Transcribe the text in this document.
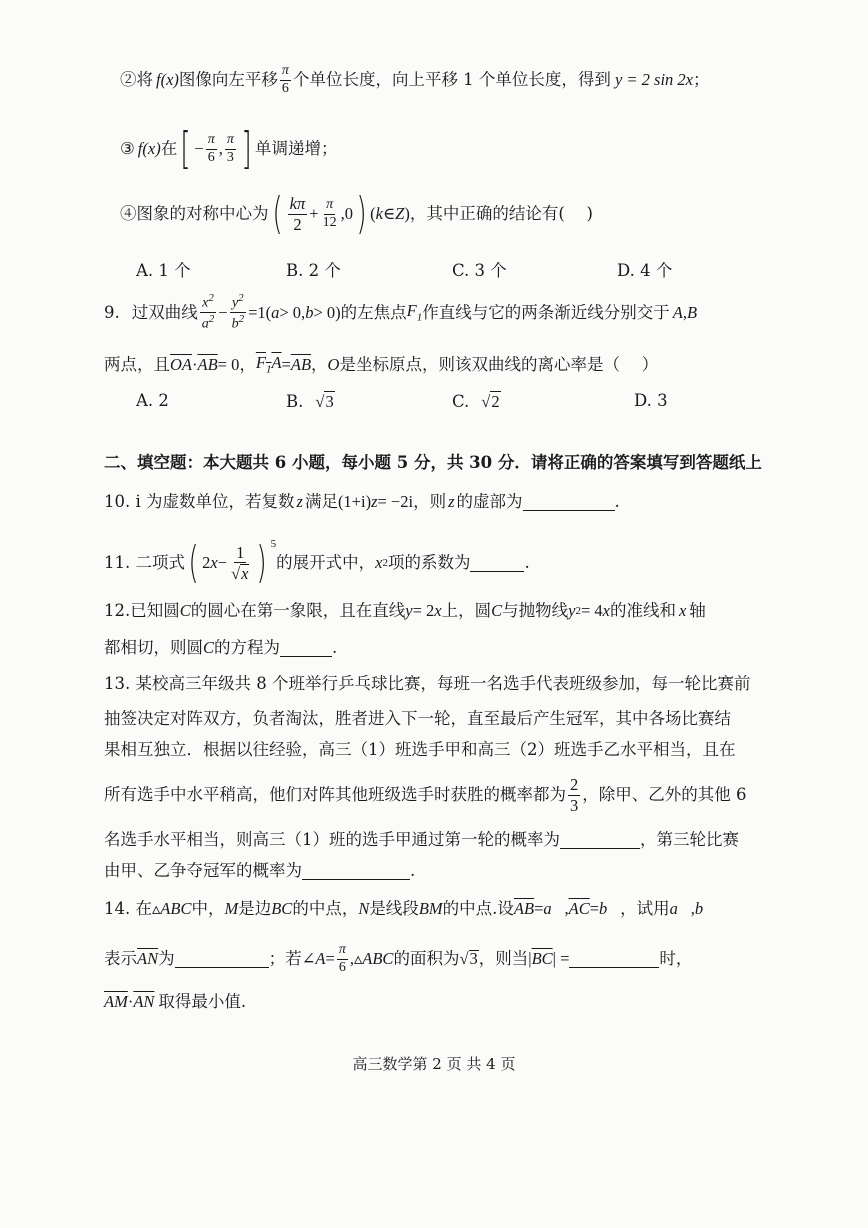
②将 f(x) 图像向左平移 $\frac{\pi}{6}$ 个单位长度，向上平移 1 个单位长度，得到 y = 2 sin 2x ；
③ f(x) 在 [ − $\frac{\pi}{6}$ , $\frac{\pi}{3}$ ] 单调递增；
④图象的对称中心为 ( $\frac{k\pi}{2} + \frac{\pi}{12} ,0$ ) ( k ∈ Z ) ，其中正确的结论有(　 )
A. 1 个	B. 2 个	C. 3 个	D. 4 个
9. 过双曲线 $\frac{x^2}{a^2} - \frac{y^2}{b^2} =1$( a > 0, b > 0) 的左焦点 $F_1$ 作直线与它的两条渐近线分别交于 A , B
两点，且 $\overline{OA} \cdot \overline{AB} = 0$ ， $F_1A = \overline{AB}$ ， O 是坐标原点，则该双曲线的离心率是（　 ）
A. 2	B. √ 3	C. √ 2	D. 3
二、填空题：本大题共 6 小题，每小题 5 分，共 30 分．请将正确的答案填写到答题纸上
10. i 为虚数单位，若复数 z 满足 (1+i) z = −2i ，则 z 的虚部为	.
11. 二项式 ( 2 $x - \frac{1}{√ x}$ ) $^5$
的展开式中， x 2 项的系数为	.
12.已知圆 C 的圆心在第一象限，且在直线 y = 2 x 上，圆 C 与抛物线 y 2 = 4 x 的准线和 x 轴
都相切，则圆 C 的方程为	.
13. 某校高三年级共 8 个班举行乒乓球比赛，每班一名选手代表班级参加，每一轮比赛前
抽签决定对阵双方，负者淘汰，胜者进入下一轮，直至最后产生冠军，其中各场比赛结
果相互独立．根据以往经验，高三（1）班选手甲和高三（2）班选手乙水平相当，且在
所有选手中水平稍高，他们对阵其他班级选手时获胜的概率都为 $\frac{2}{3}$ ，除甲、乙外的其他 6
名选手水平相当，则高三（1）班的选手甲通过第一轮的概率为	，第三轮比赛
由甲、乙争夺冠军的概率为	.
14. 在 ▵ ABC 中， M 是边 BC 的中点， N 是线段 BM 的中点.设 $\overline{AB}$ = a⃗ , $\overline{AC}$ = b⃗ ，试用 a⃗ , b⃗
表示 $\overline{AN}$ 为	；若 ∠ $A = \frac{\pi}{6}$ ,▵ ABC 的面积为 √ 3 ，则当 | $\overline{BC}$ | =	时，
$\overline{AM} \cdot \overline{AN}$ 取得最小值.
高三数学第 2 页 共 4 页
